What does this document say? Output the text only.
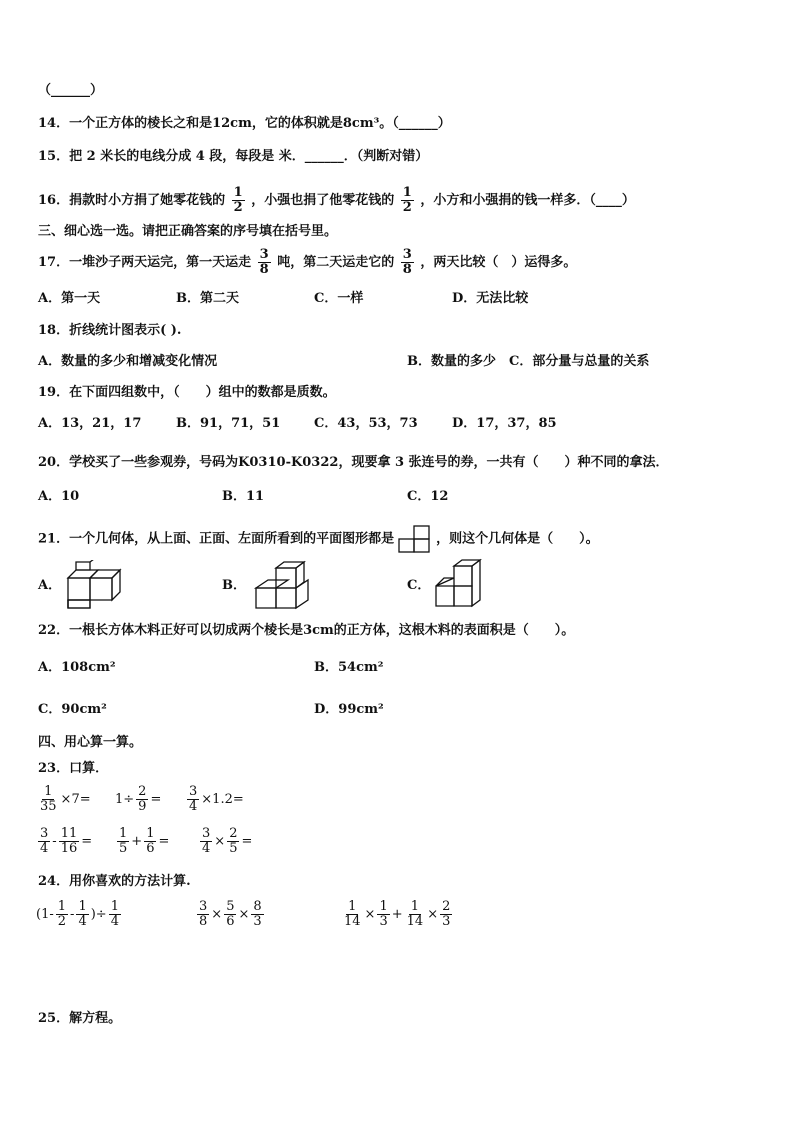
（______）
14．一个正方体的棱长之和是12cm，它的体积就是8cm³。（______）
15．把 2 米长的电线分成 4 段，每段是 米．______．（判断对错）
16．捐款时小方捐了她零花钱的 $\frac{1}{2}$ ，小强也捐了他零花钱的 $\frac{1}{2}$ ，小方和小强捐的钱一样多．（____）
三、细心选一选。请把正确答案的序号填在括号里。
17．一堆沙子两天运完，第一天运走 $\frac{3}{8}$ 吨，第二天运走它的 $\frac{3}{8}$ ，两天比较（　）运得多。
A．第一天	B．第二天	C．一样	D．无法比较
18．折线统计图表示( ).
A．数量的多少和增减变化情况	B．数量的多少　C．部分量与总量的关系
19．在下面四组数中，（　　）组中的数都是质数。
A．13，21，17	B．91，71，51	C．43，53，73	D．17，37，85
20．学校买了一些参观券，号码为K0310-K0322，现要拿 3 张连号的券，一共有（　　）种不同的拿法．
A．10	B．11	C．12
21．一个几何体，从上面、正面、左面所看到的平面图形都是	，则这个几何体是（　　）。
A．	B．	C．
22．一根长方体木料正好可以切成两个棱长是3cm的正方体，这根木料的表面积是（　　）。
A．108cm²	B．54cm²
C．90cm²	D．99cm²
四、用心算一算。
23．口算．
$\frac{1}{35} \times 7= 1\div \frac{2}{9} = \frac{3}{4} \times 1.2=$
$\frac{3}{4} - \frac{11}{16} = \frac{1}{5} + \frac{1}{6} = \frac{3}{4} \times \frac{2}{5}$ =
24．用你喜欢的方法计算.
($1- \frac{1}{2} - \frac{1}{4}$ )÷ $\frac{1}{4}$	$\frac{3}{8} \times \frac{5}{6} \times \frac{8}{3}$	$\frac{1}{14} \times \frac{1}{3} + \frac{1}{14} \times \frac{2}{3}$
25．解方程。
